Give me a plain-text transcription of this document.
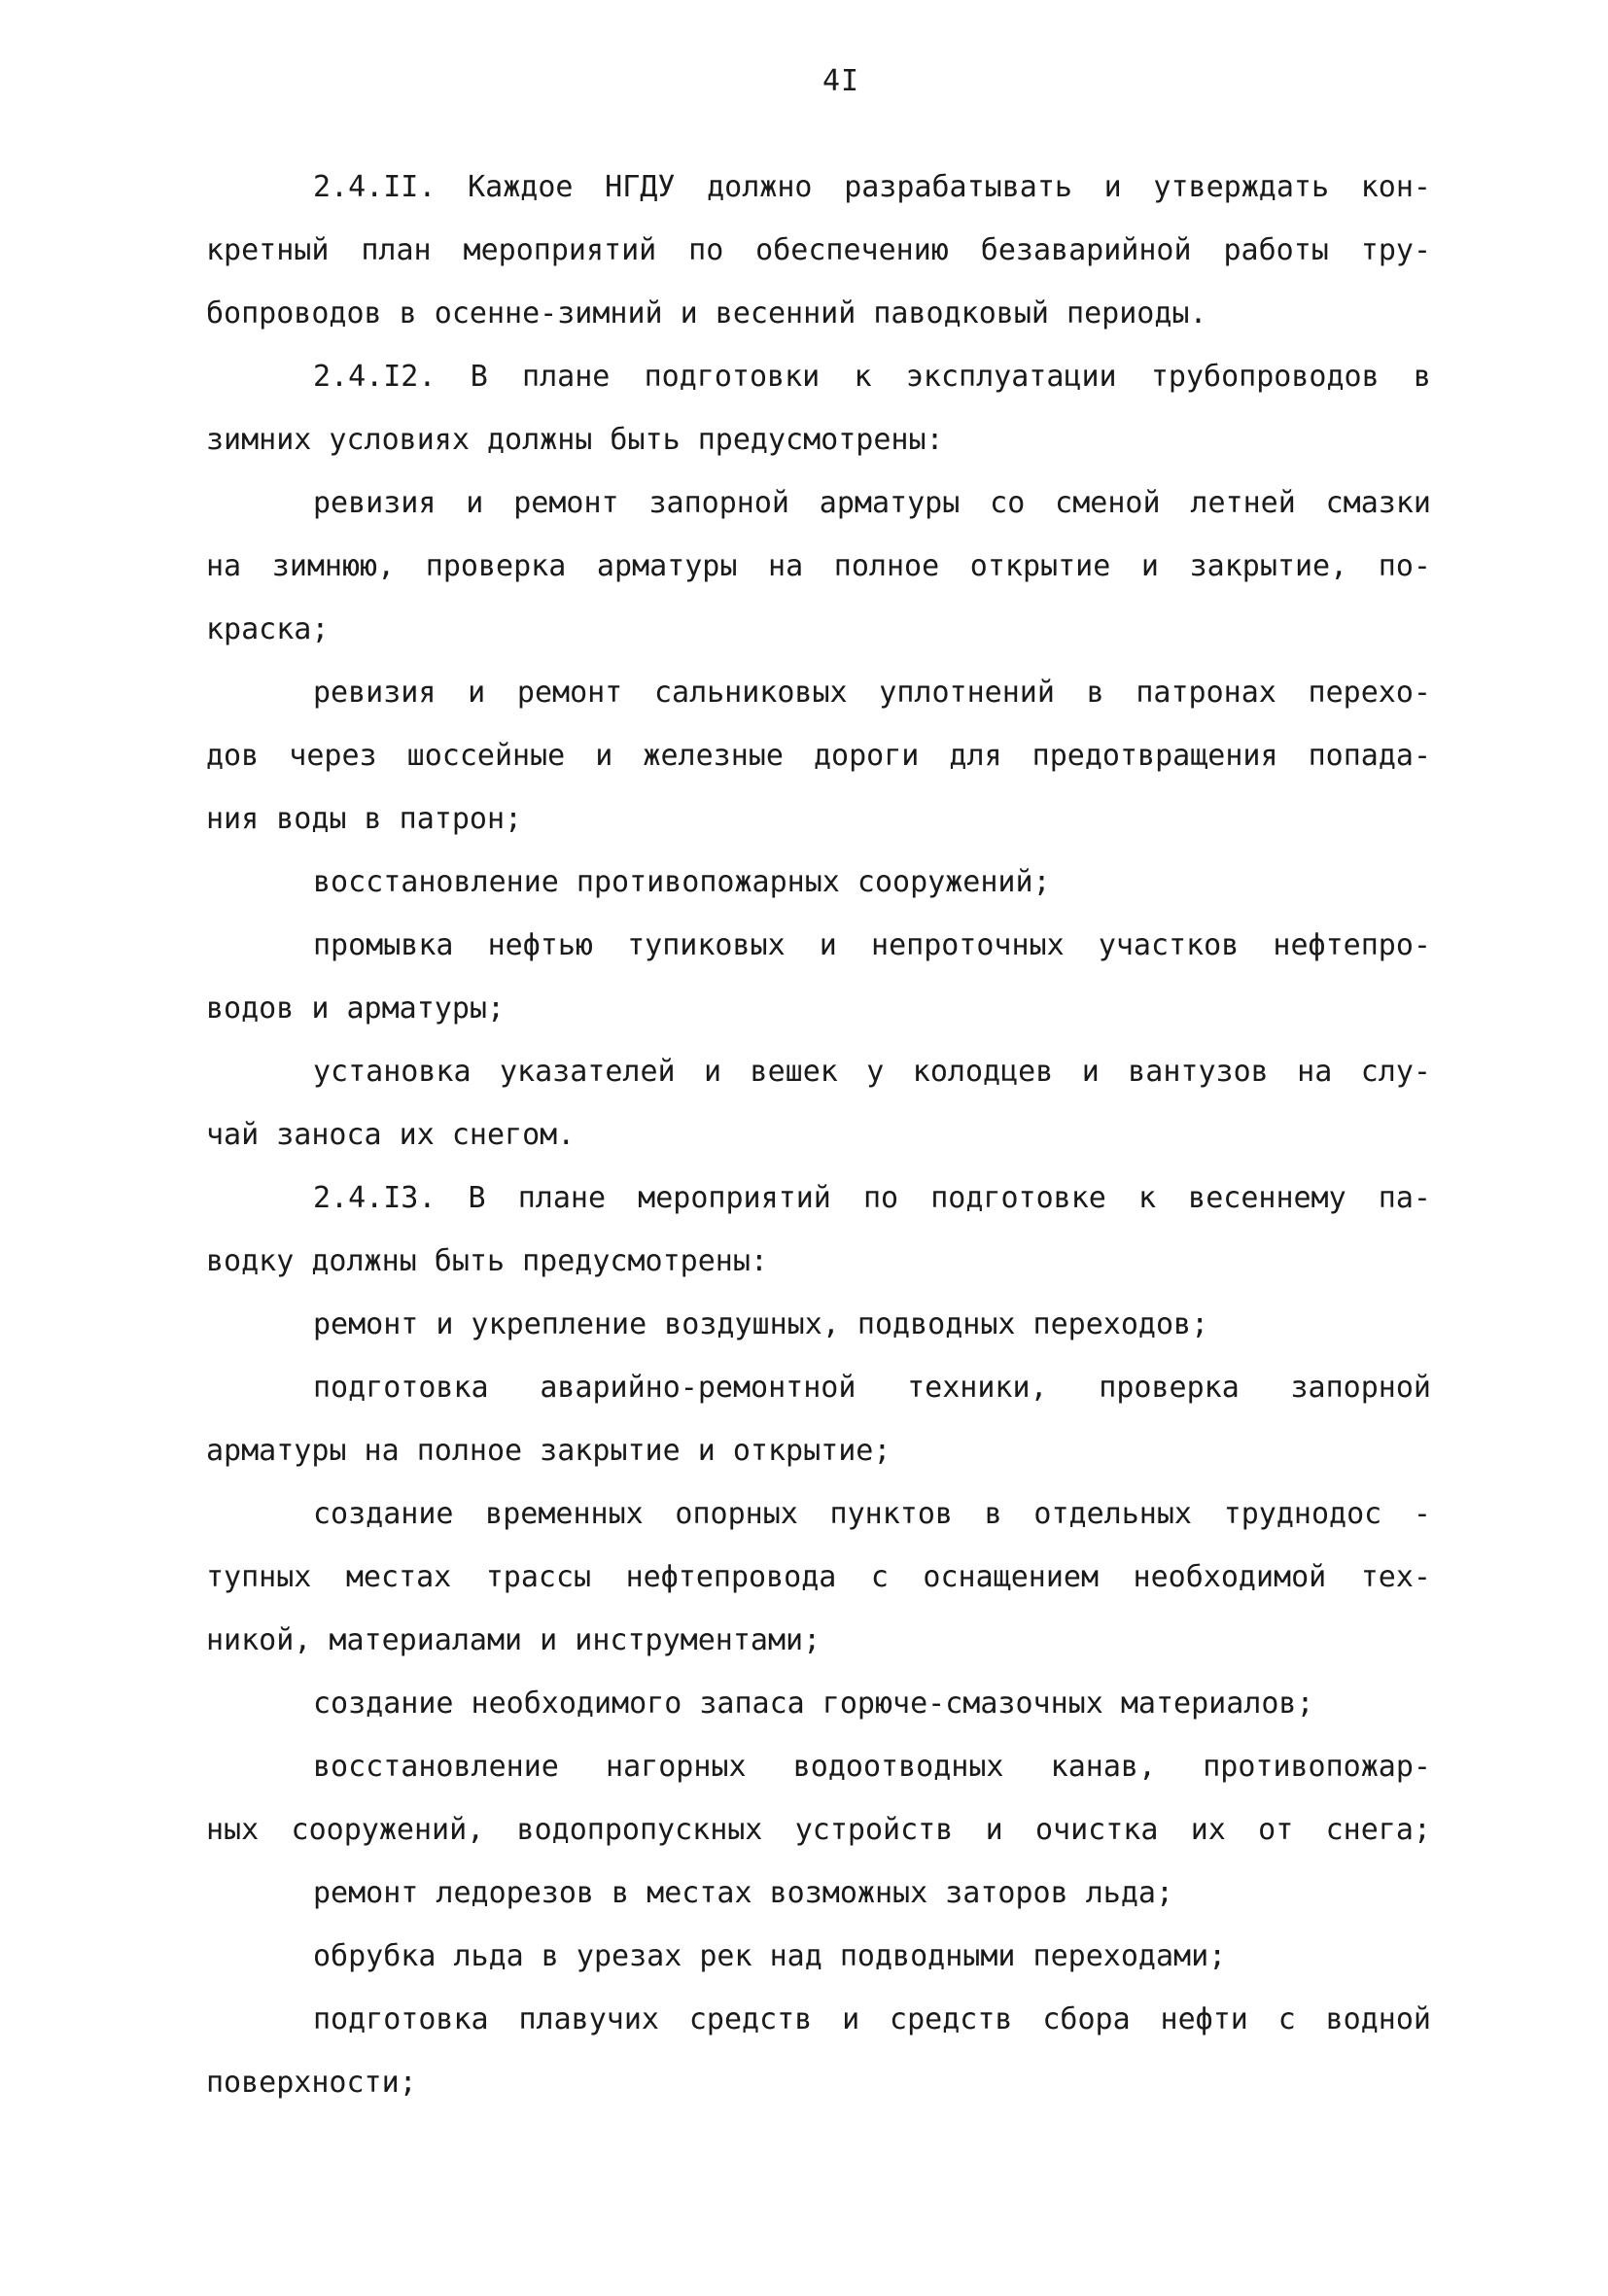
4I
2.4.II. Каждое НГДУ должно разрабатывать и утверждать кон-
кретный план мероприятий по обеспечению безаварийной работы тру-
бопроводов в осенне-зимний и весенний паводковый периоды.
2.4.I2. В плане подготовки к эксплуатации трубопроводов в
зимних условиях должны быть предусмотрены:
ревизия и ремонт запорной арматуры со сменой летней смазки
на зимнюю, проверка арматуры на полное открытие и закрытие, по-
краска;
ревизия и ремонт сальниковых уплотнений в патронах перехо-
дов через шоссейные и железные дороги для предотвращения попада-
ния воды в патрон;
восстановление противопожарных сооружений;
промывка нефтью тупиковых и непроточных участков нефтепро-
водов и арматуры;
установка указателей и вешек у колодцев и вантузов на слу-
чай заноса их снегом.
2.4.I3. В плане мероприятий по подготовке к весеннему па-
водку должны быть предусмотрены:
ремонт и укрепление воздушных, подводных переходов;
подготовка аварийно-ремонтной техники, проверка запорной
арматуры на полное закрытие и открытие;
создание временных опорных пунктов в отдельных труднодос -
тупных местах трассы нефтепровода с оснащением необходимой тех-
никой, материалами и инструментами;
создание необходимого запаса горюче-смазочных материалов;
восстановление нагорных водоотводных канав, противопожар-
ных сооружений, водопропускных устройств и очистка их от снега;
ремонт ледорезов в местах возможных заторов льда;
обрубка льда в урезах рек над подводными переходами;
подготовка плавучих средств и средств сбора нефти с водной
поверхности;
